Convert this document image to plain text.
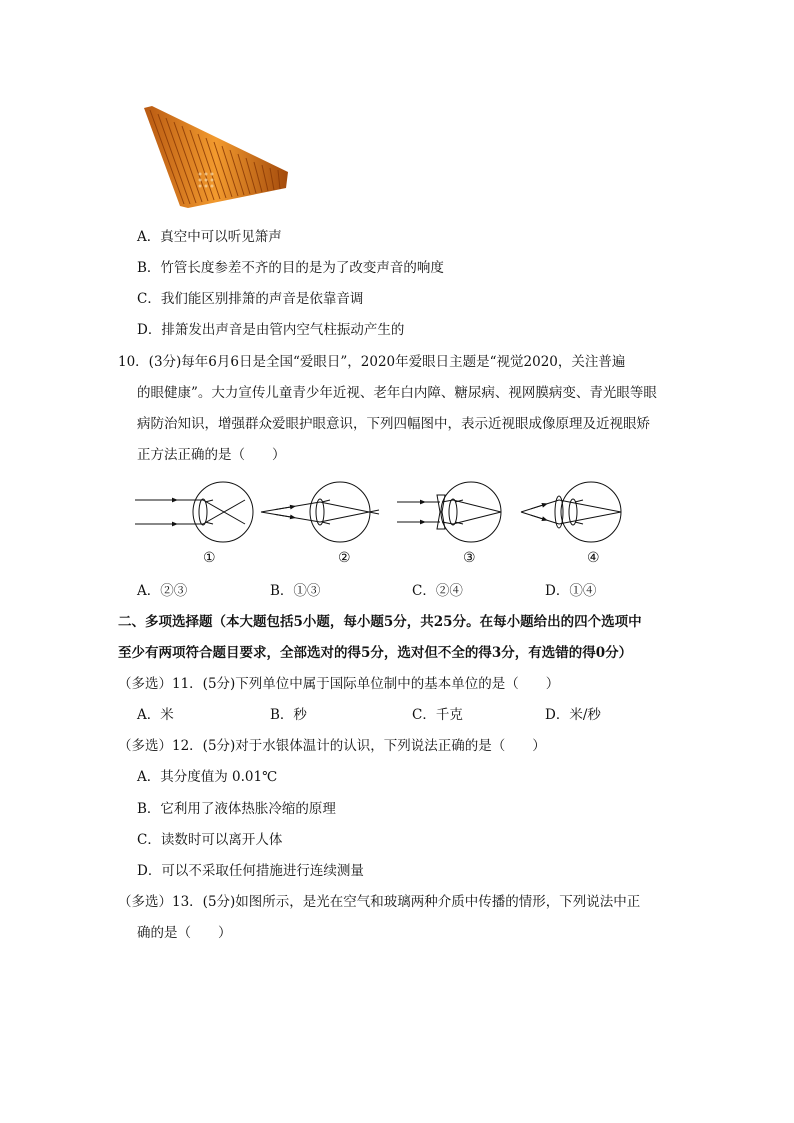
A．真空中可以听见箫声
B．竹管长度参差不齐的目的是为了改变声音的响度
C．我们能区别排箫的声音是依靠音调
D．排箫发出声音是由管内空气柱振动产生的
10．(3分)每年6月6日是全国“爱眼日”，2020年爱眼日主题是“视觉2020，关注普遍
的眼健康”。大力宣传儿童青少年近视、老年白内障、糖尿病、视网膜病变、青光眼等眼
病防治知识，增强群众爱眼护眼意识，下列四幅图中，表示近视眼成像原理及近视眼矫
正方法正确的是（　　）
①	②	③	④
A．②③	B．①③	C．②④	D．①④
二、多项选择题（本大题包括5小题，每小题5分，共25分。在每小题给出的四个选项中
至少有两项符合题目要求，全部选对的得5分，选对但不全的得3分，有选错的得0分）
（多选）11．(5分)下列单位中属于国际单位制中的基本单位的是（　　）
A．米	B．秒	C．千克	D．米/秒
（多选）12．(5分)对于水银体温计的认识，下列说法正确的是（　　）
A．其分度值为 0.01℃
B．它利用了液体热胀冷缩的原理
C．读数时可以离开人体
D．可以不采取任何措施进行连续测量
（多选）13．(5分)如图所示，是光在空气和玻璃两种介质中传播的情形，下列说法中正
确的是（　　）
